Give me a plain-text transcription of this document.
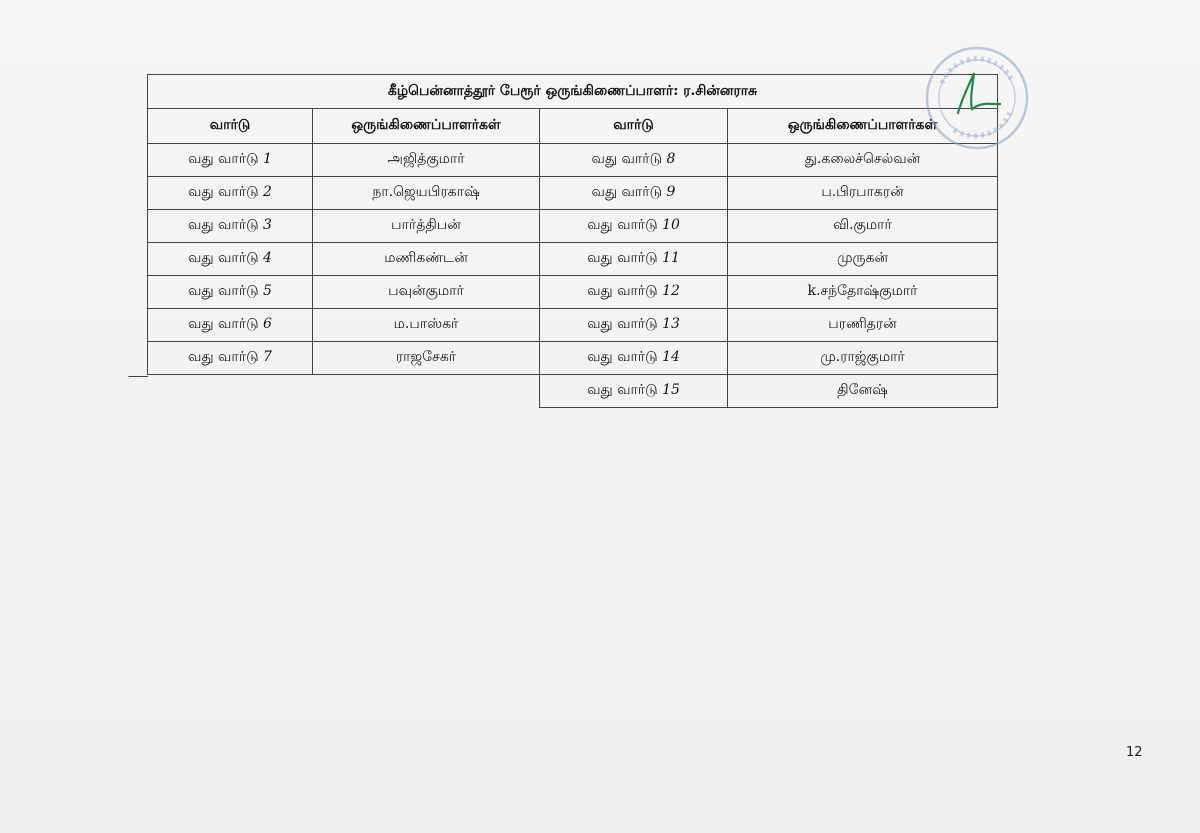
கீழ்பென்னாத்தூர் பேரூர் ஒருங்கிணைப்பாளர்: ர.சின்னராசு			
வார்டு	ஒருங்கிணைப்பாளர்கள்	வார்டு	ஒருங்கிணைப்பாளர்கள்
வது வார்டு 1	அஜித்குமார்	வது வார்டு 8	து.கலைச்செல்வன்
வது வார்டு 2	நா.ஜெயபிரகாஷ்	வது வார்டு 9	ப.பிரபாகரன்
வது வார்டு 3	பார்த்திபன்	வது வார்டு 10	வி.குமார்
வது வார்டு 4	மணிகண்டன்	வது வார்டு 11	முருகன்
வது வார்டு 5	பவுன்குமார்	வது வார்டு 12	k.சந்தோஷ்குமார்
வது வார்டு 6	ம.பாஸ்கர்	வது வார்டு 13	பரணிதரன்
வது வார்டு 7	ராஜசேகர்	வது வார்டு 14	மு.ராஜ்குமார்
		வது வார்டு 15	தினேஷ்
12
